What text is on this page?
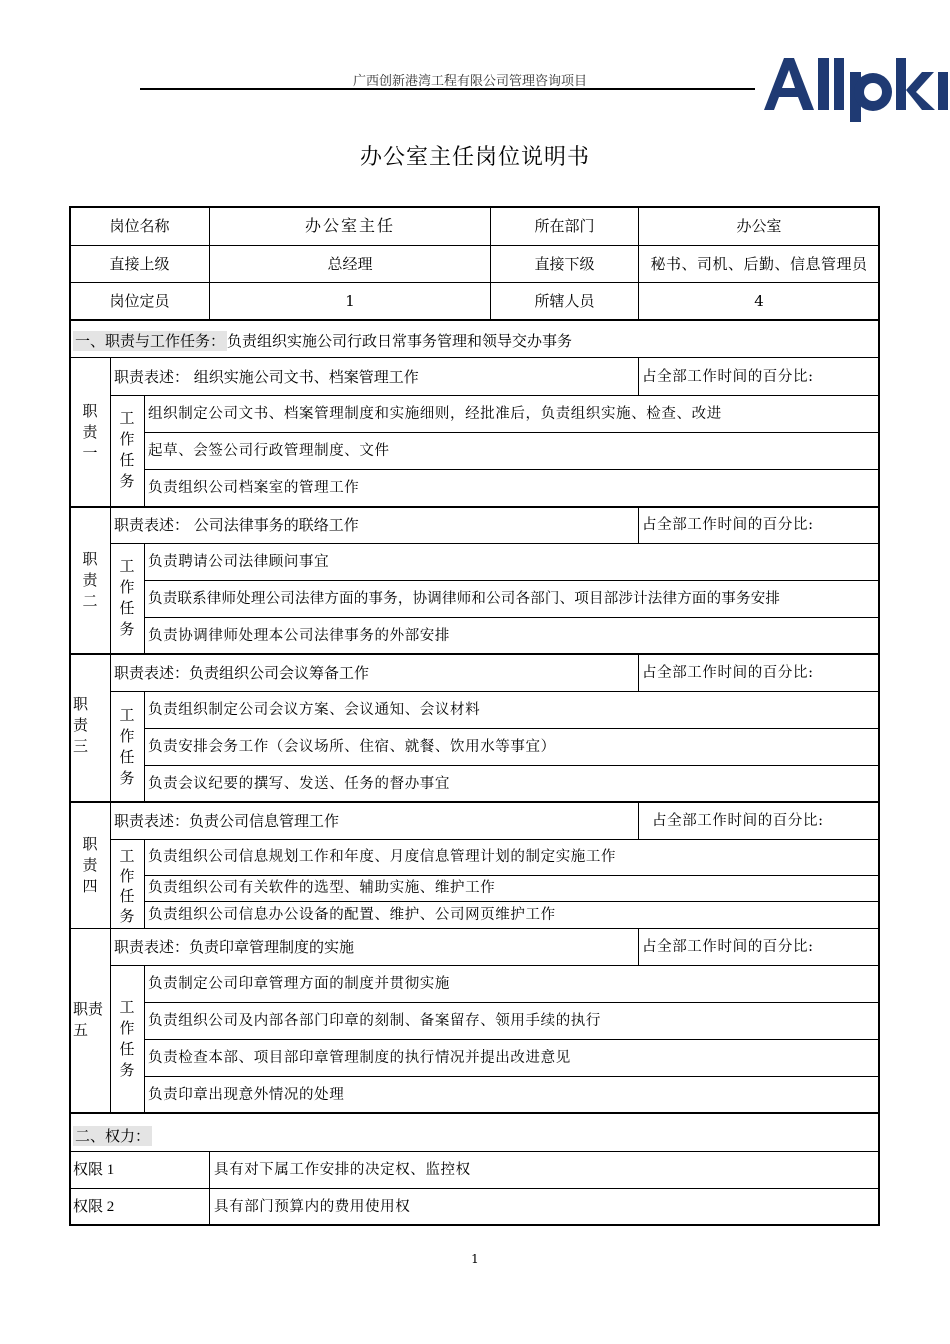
广西创新港湾工程有限公司管理咨询项目
办公室主任岗位说明书
岗位名称	办公室主任	所在部门	办公室
直接上级	总经理	直接下级	秘书、司机、后勤、信息管理员
岗位定员	1	所辖人员	4
一、职责与工作任务： 负责组织实施公司行政日常事务管理和领导交办事务
职
责
一
职责表述： 组织实施公司文书、档案管理工作	占全部工作时间的百分比:
工
作
任
务
组织制定公司文书、档案管理制度和实施细则，经批准后，负责组织实施、检查、改进
起草、会签公司行政管理制度、文件
负责组织公司档案室的管理工作
职
责
二
职责表述： 公司法律事务的联络工作	占全部工作时间的百分比:
工
作
任
务
负责聘请公司法律顾问事宜
负责联系律师处理公司法律方面的事务，协调律师和公司各部门、项目部涉计法律方面的事务安排
负责协调律师处理本公司法律事务的外部安排
职
责
三
职责表述：负责组织公司会议筹备工作	占全部工作时间的百分比:
工
作
任
务
负责组织制定公司会议方案、会议通知、会议材料
负责安排会务工作（会议场所、住宿、就餐、饮用水等事宜）
负责会议纪要的撰写、发送、任务的督办事宜
职
责
四
职责表述：负责公司信息管理工作	占全部工作时间的百分比:
工
作
任
务
负责组织公司信息规划工作和年度、月度信息管理计划的制定实施工作
负责组织公司有关软件的选型、辅助实施、维护工作
负责组织公司信息办公设备的配置、维护、公司网页维护工作
职责
五
职责表述：负责印章管理制度的实施	占全部工作时间的百分比:
工
作
任
务
负责制定公司印章管理方面的制度并贯彻实施
负责组织公司及内部各部门印章的刻制、备案留存、领用手续的执行
负责检查本部、项目部印章管理制度的执行情况并提出改进意见
负责印章出现意外情况的处理
二、权力：
权限 1	具有对下属工作安排的决定权、监控权
权限 2	具有部门预算内的费用使用权
1
